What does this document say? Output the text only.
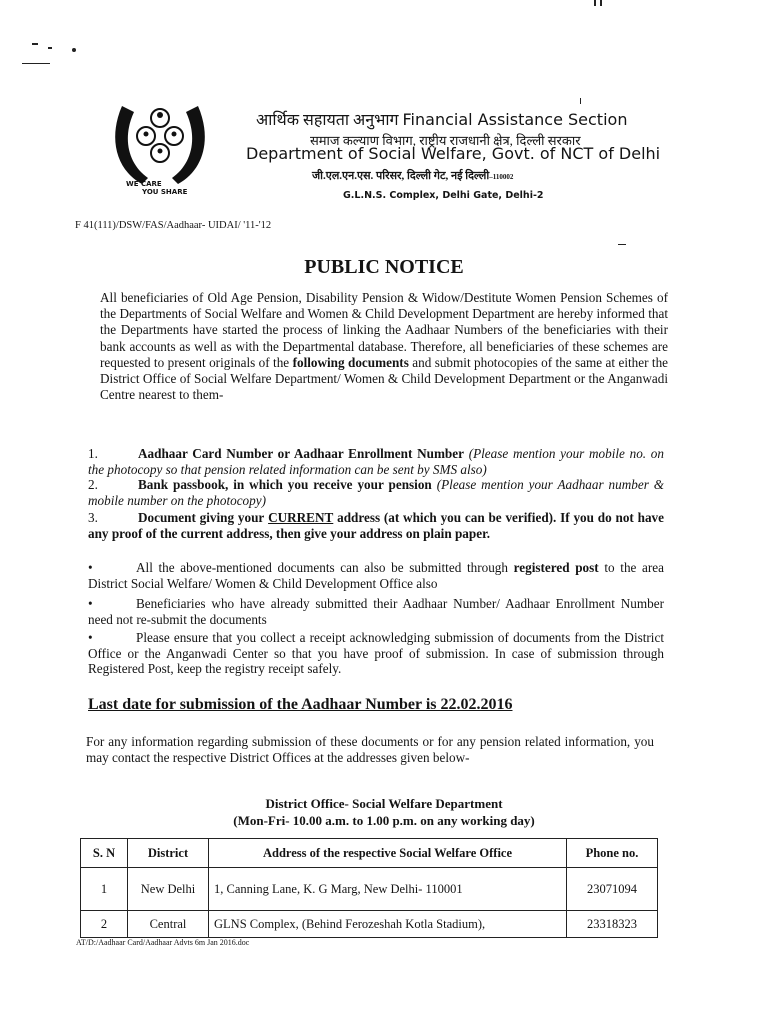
WE CARE
YOU SHARE
आर्थिक सहायता अनुभाग Financial Assistance Section
समाज कल्याण विभाग, राष्ट्रीय राजधानी क्षेत्र, दिल्ली सरकार
Department of Social Welfare, Govt. of NCT of Delhi
जी.एल.एन.एस. परिसर, दिल्ली गेट, नई दिल्ली–110002
G.L.N.S. Complex, Delhi Gate, Delhi-2
F 41(111)/DSW/FAS/Aadhaar- UIDAI/ '11-'12
PUBLIC NOTICE
All beneficiaries of Old Age Pension, Disability Pension & Widow/Destitute Women Pension Schemes of the Departments of Social Welfare and Women & Child Development Department are hereby informed that the Departments have started the process of linking the Aadhaar Numbers of the beneficiaries with their bank accounts as well as with the Departmental database. Therefore, all beneficiaries of these schemes are requested to present originals of the following documents and submit photocopies of the same at either the District Office of Social Welfare Department/ Women & Child Development Department or the Anganwadi Centre nearest to them-
1.	Aadhaar Card Number or Aadhaar Enrollment Number (Please mention your mobile no. on the photocopy so that pension related information can be sent by SMS also)
2.	Bank passbook, in which you receive your pension (Please mention your Aadhaar number & mobile number on the photocopy)
3.	Document giving your CURRENT address (at which you can be verified). If you do not have any proof of the current address, then give your address on plain paper.
•	All the above-mentioned documents can also be submitted through registered post to the area District Social Welfare/ Women & Child Development Office also
•	Beneficiaries who have already submitted their Aadhaar Number/ Aadhaar Enrollment Number need not re-submit the documents
•	Please ensure that you collect a receipt acknowledging submission of documents from the District Office or the Anganwadi Center so that you have proof of submission. In case of submission through Registered Post, keep the registry receipt safely.
Last date for submission of the Aadhaar Number is 22.02.2016
For any information regarding submission of these documents or for any pension related information, you may contact the respective District Offices at the addresses given below-
District Office- Social Welfare Department
(Mon-Fri- 10.00 a.m. to 1.00 p.m. on any working day)
S. N	District	Address of the respective Social Welfare Office	Phone no.
1	New Delhi	1, Canning Lane, K. G Marg, New Delhi- 110001	23071094
2	Central	GLNS Complex, (Behind Ferozeshah Kotla Stadium),	23318323
AT/D:/Aadhaar Card/Aadhaar Advts 6m Jan 2016.doc
